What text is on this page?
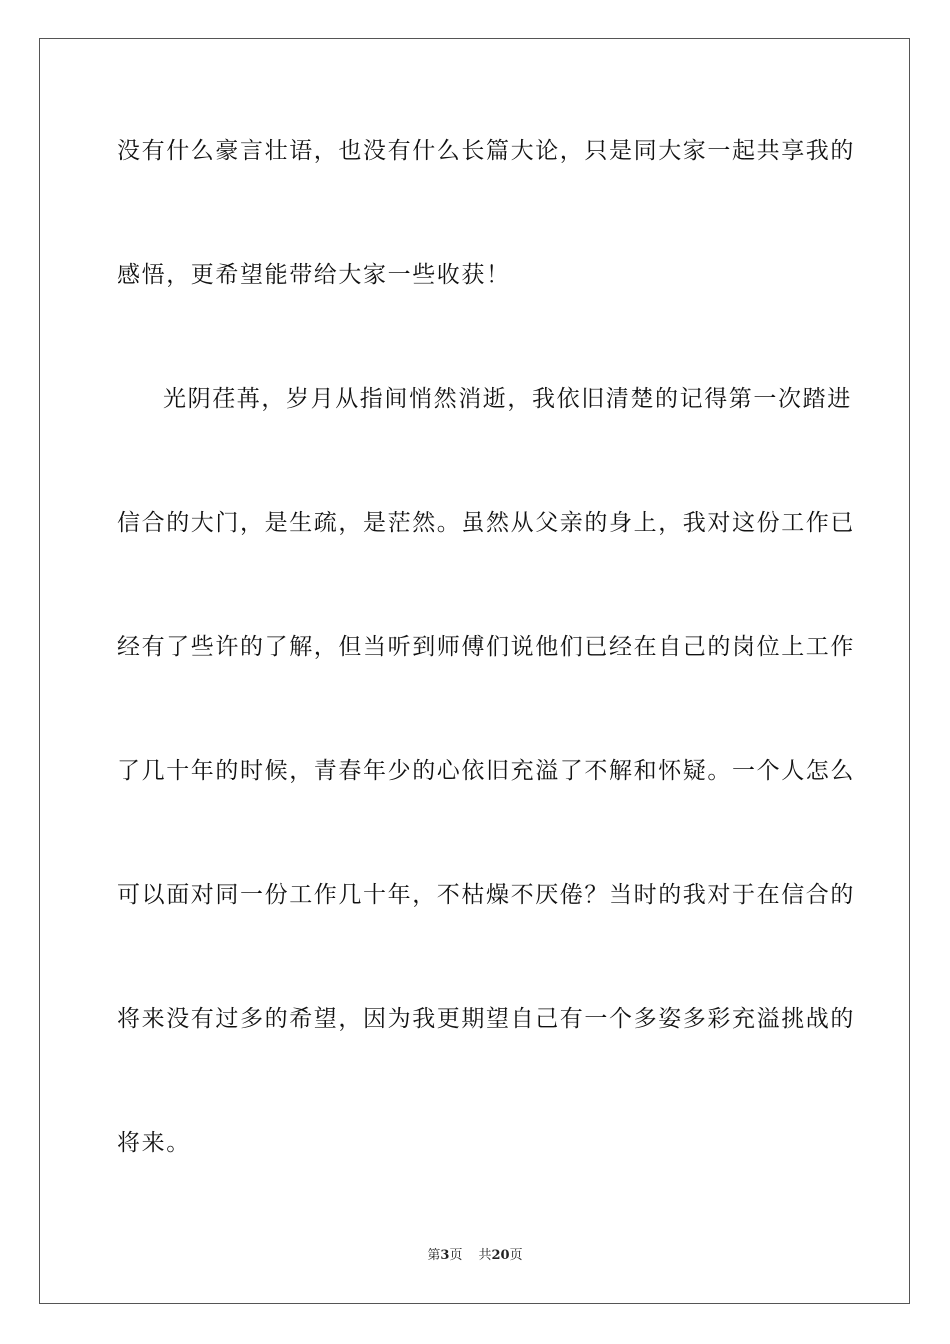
没有什么豪言壮语，也没有什么长篇大论，只是同大家一起共享我的
感悟，更希望能带给大家一些收获！
光阴荏苒，岁月从指间悄然消逝，我依旧清楚的记得第一次踏进
信合的大门，是生疏，是茫然。虽然从父亲的身上，我对这份工作已
经有了些许的了解，但当听到师傅们说他们已经在自己的岗位上工作
了几十年的时候，青春年少的心依旧充溢了不解和怀疑。一个人怎么
可以面对同一份工作几十年，不枯燥不厌倦？当时的我对于在信合的
将来没有过多的希望，因为我更期望自己有一个多姿多彩充溢挑战的
将来。
第3页 共20页
